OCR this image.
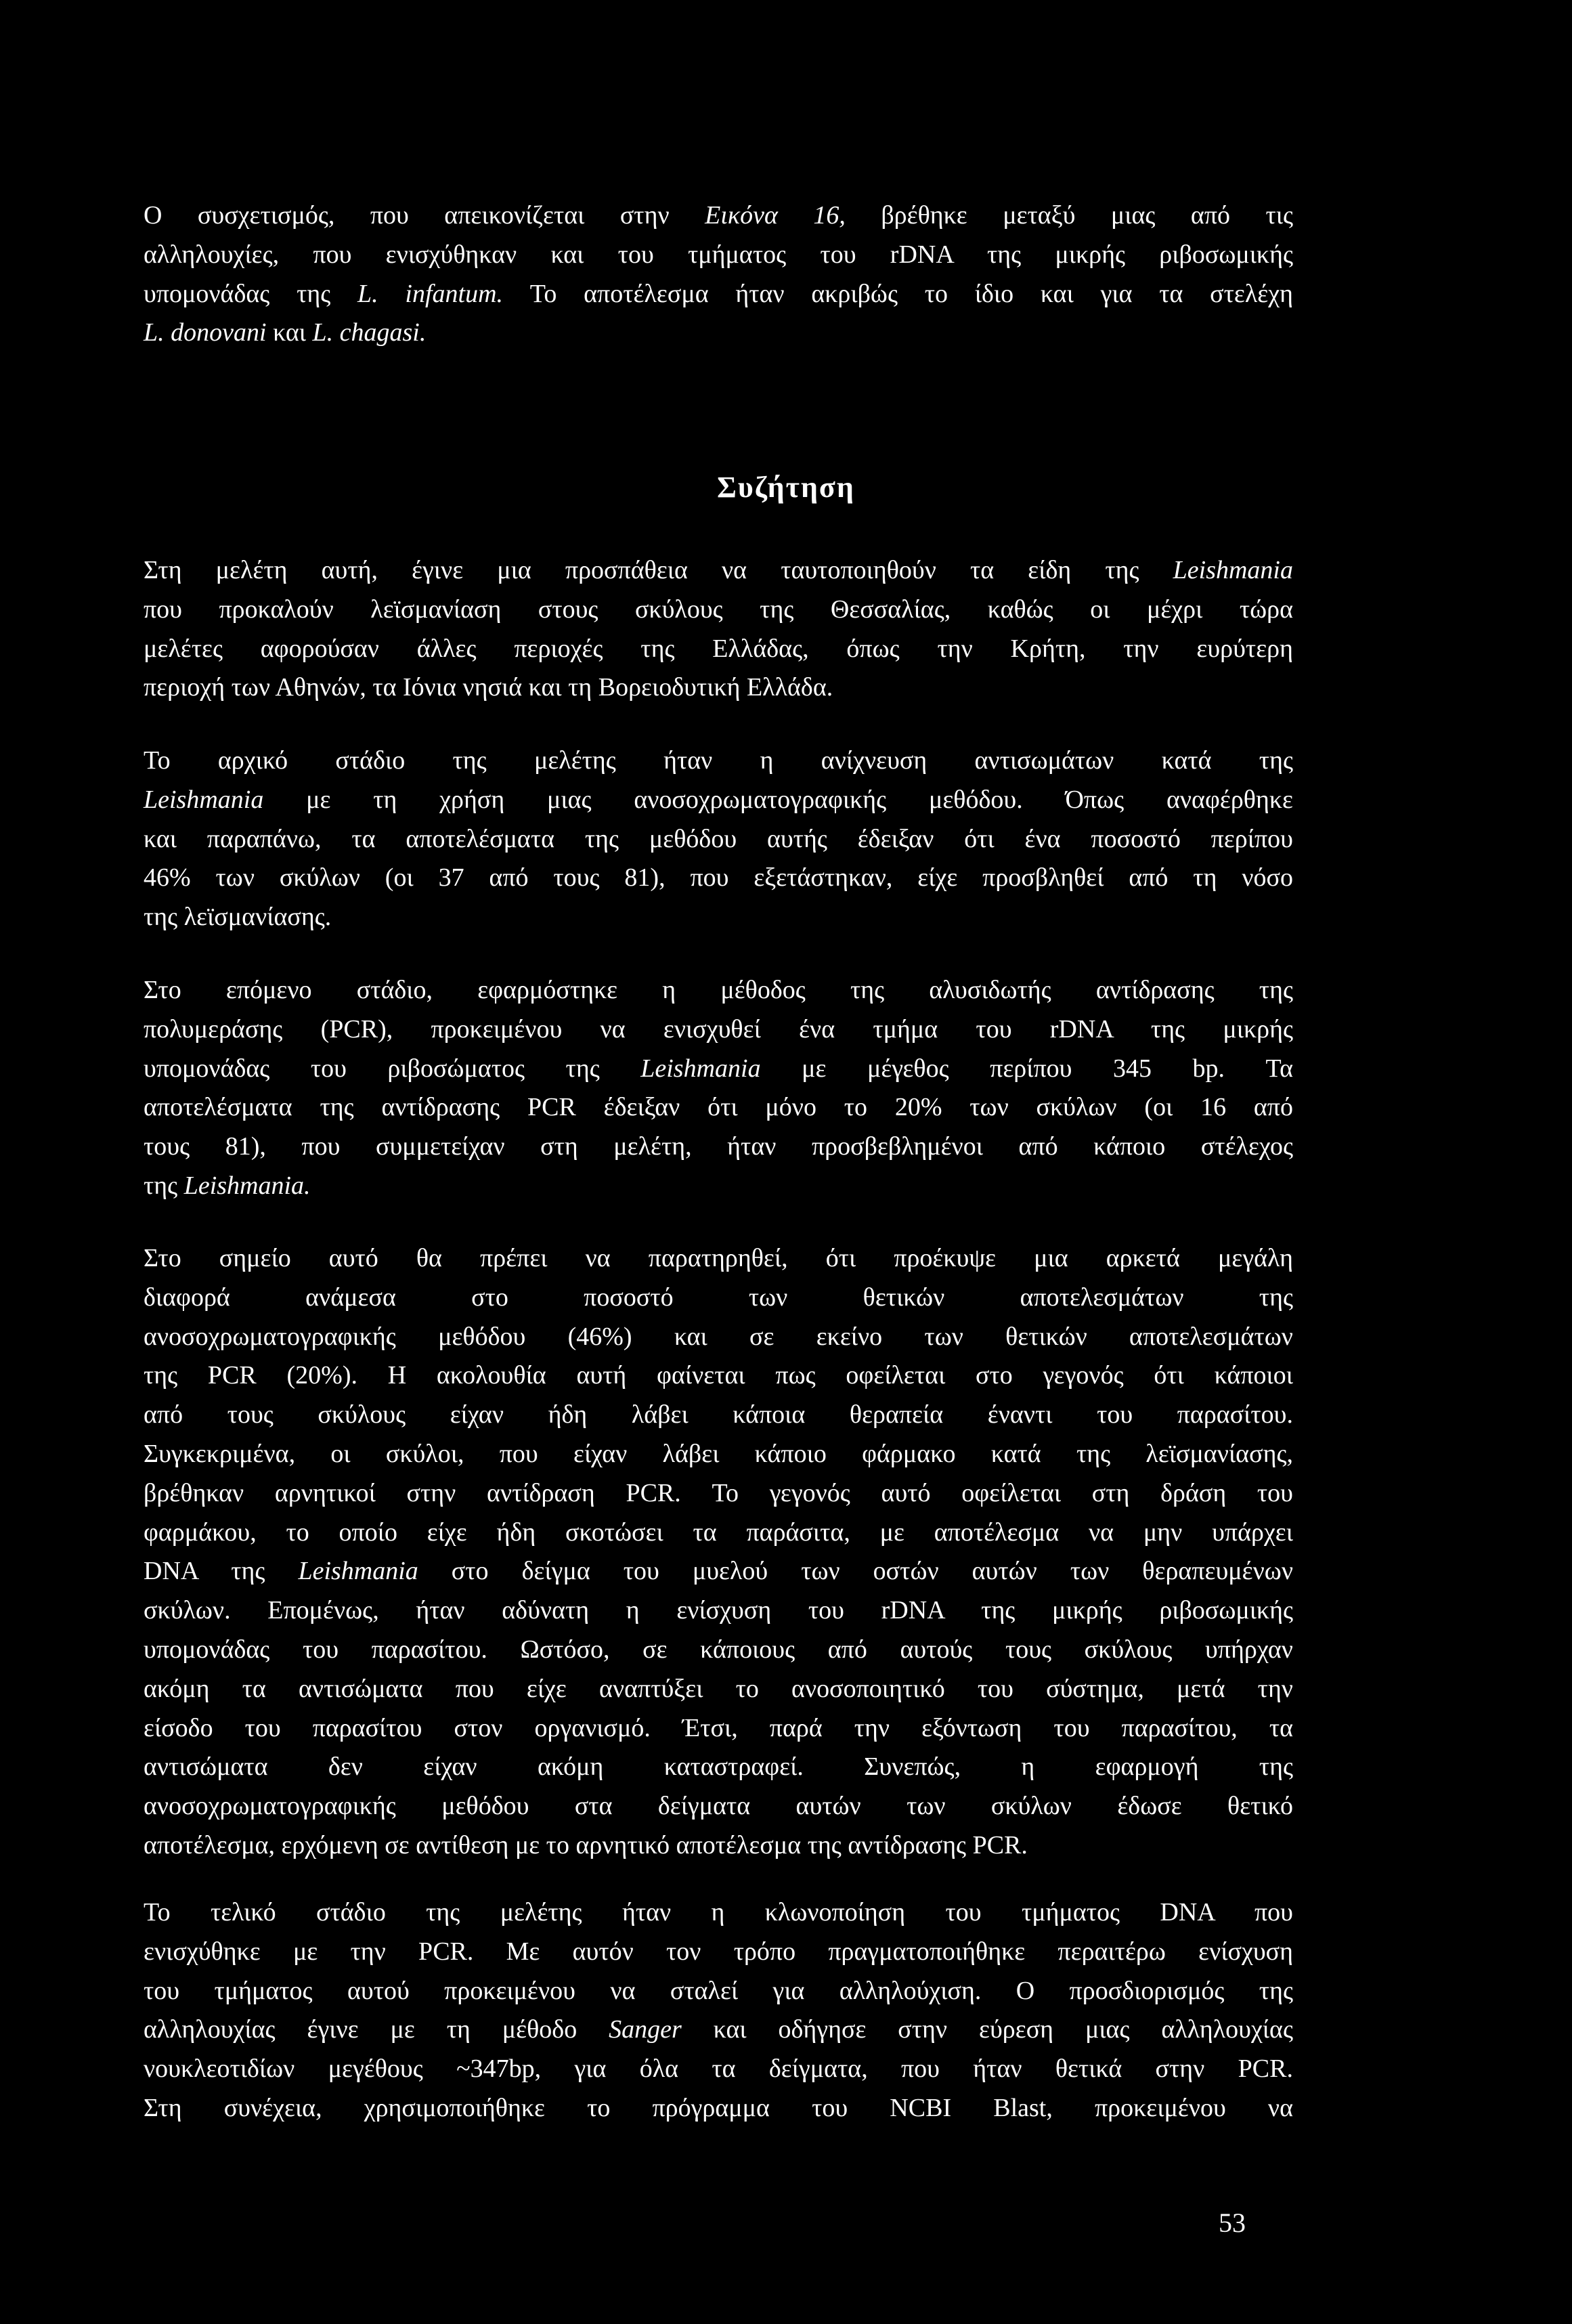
Ο συσχετισμός, που απεικονίζεται στην Εικόνα 16, βρέθηκε μεταξύ μιας από τις
αλληλουχίες, που ενισχύθηκαν και του τμήματος του rDNA της μικρής ριβοσωμικής
υπομονάδας της L. infantum. Το αποτέλεσμα ήταν ακριβώς το ίδιο και για τα στελέχη
L. donovani και L. chagasi.
Συζήτηση
Στη μελέτη αυτή, έγινε μια προσπάθεια να ταυτοποιηθούν τα είδη της Leishmania
που προκαλούν λεϊσμανίαση στους σκύλους της Θεσσαλίας, καθώς οι μέχρι τώρα
μελέτες αφορούσαν άλλες περιοχές της Ελλάδας, όπως την Κρήτη, την ευρύτερη
περιοχή των Αθηνών, τα Ιόνια νησιά και τη Βορειοδυτική Ελλάδα.
Το αρχικό στάδιο της μελέτης ήταν η ανίχνευση αντισωμάτων κατά της
Leishmania με τη χρήση μιας ανοσοχρωματογραφικής μεθόδου. Όπως αναφέρθηκε
και παραπάνω, τα αποτελέσματα της μεθόδου αυτής έδειξαν ότι ένα ποσοστό περίπου
46% των σκύλων (οι 37 από τους 81), που εξετάστηκαν, είχε προσβληθεί από τη νόσο
της λεϊσμανίασης.
Στο επόμενο στάδιο, εφαρμόστηκε η μέθοδος της αλυσιδωτής αντίδρασης της
πολυμεράσης (PCR), προκειμένου να ενισχυθεί ένα τμήμα του rDNA της μικρής
υπομονάδας του ριβοσώματος της Leishmania με μέγεθος περίπου 345 bp. Τα
αποτελέσματα της αντίδρασης PCR έδειξαν ότι μόνο το 20% των σκύλων (οι 16 από
τους 81), που συμμετείχαν στη μελέτη, ήταν προσβεβλημένοι από κάποιο στέλεχος
της Leishmania.
Στο σημείο αυτό θα πρέπει να παρατηρηθεί, ότι προέκυψε μια αρκετά μεγάλη
διαφορά ανάμεσα στο ποσοστό των θετικών αποτελεσμάτων της
ανοσοχρωματογραφικής μεθόδου (46%) και σε εκείνο των θετικών αποτελεσμάτων
της PCR (20%). Η ακολουθία αυτή φαίνεται πως οφείλεται στο γεγονός ότι κάποιοι
από τους σκύλους είχαν ήδη λάβει κάποια θεραπεία έναντι του παρασίτου.
Συγκεκριμένα, οι σκύλοι, που είχαν λάβει κάποιο φάρμακο κατά της λεϊσμανίασης,
βρέθηκαν αρνητικοί στην αντίδραση PCR. Το γεγονός αυτό οφείλεται στη δράση του
φαρμάκου, το οποίο είχε ήδη σκοτώσει τα παράσιτα, με αποτέλεσμα να μην υπάρχει
DNA της Leishmania στο δείγμα του μυελού των οστών αυτών των θεραπευμένων
σκύλων. Επομένως, ήταν αδύνατη η ενίσχυση του rDNA της μικρής ριβοσωμικής
υπομονάδας του παρασίτου. Ωστόσο, σε κάποιους από αυτούς τους σκύλους υπήρχαν
ακόμη τα αντισώματα που είχε αναπτύξει το ανοσοποιητικό του σύστημα, μετά την
είσοδο του παρασίτου στον οργανισμό. Έτσι, παρά την εξόντωση του παρασίτου, τα
αντισώματα δεν είχαν ακόμη καταστραφεί. Συνεπώς, η εφαρμογή της
ανοσοχρωματογραφικής μεθόδου στα δείγματα αυτών των σκύλων έδωσε θετικό
αποτέλεσμα, ερχόμενη σε αντίθεση με το αρνητικό αποτέλεσμα της αντίδρασης PCR.
Το τελικό στάδιο της μελέτης ήταν η κλωνοποίηση του τμήματος DNA που
ενισχύθηκε με την PCR. Με αυτόν τον τρόπο πραγματοποιήθηκε περαιτέρω ενίσχυση
του τμήματος αυτού προκειμένου να σταλεί για αλληλούχιση. Ο προσδιορισμός της
αλληλουχίας έγινε με τη μέθοδο Sanger και οδήγησε στην εύρεση μιας αλληλουχίας
νουκλεοτιδίων μεγέθους ~347bp, για όλα τα δείγματα, που ήταν θετικά στην PCR.
Στη συνέχεια, χρησιμοποιήθηκε το πρόγραμμα του NCBI Blast, προκειμένου να
53
